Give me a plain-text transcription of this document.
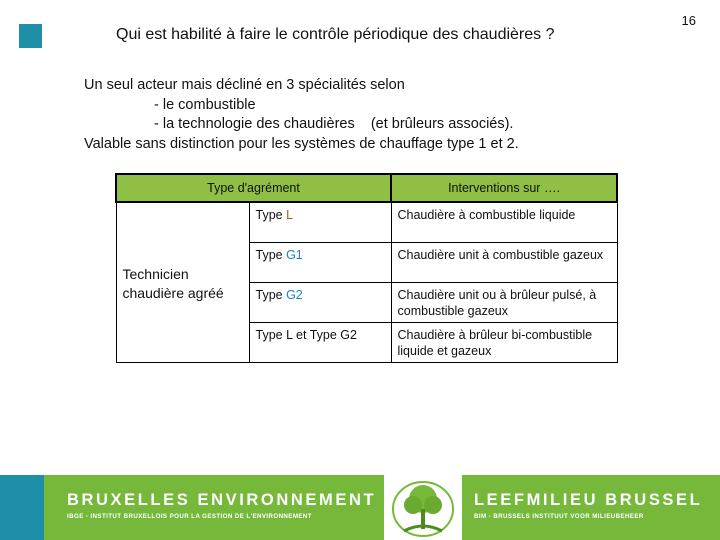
Qui est habilité à faire le contrôle périodique des chaudières ?
16
Un seul acteur mais décliné en 3 spécialités selon
- le combustible
- la technologie des chaudières    (et brûleurs associés).
Valable sans distinction pour les systèmes de chauffage type 1 et 2.
Type d'agrément		Interventions sur ….
Technicien chaudière agréé	Type L	Chaudière à combustible liquide
	Type G1	Chaudière unit à combustible gazeux
	Type G2	Chaudière unit ou à brûleur pulsé, à combustible gazeux
	Type L et Type G2	Chaudière à brûleur bi-combustible liquide et gazeux
BRUXELLES ENVIRONNEMENT
IBGE - INSTITUT BRUXELLOIS POUR LA GESTION DE L'ENVIRONNEMENT
LEEFMILIEU BRUSSEL
BIM - BRUSSELS INSTITUUT VOOR MILIEUBEHEER
